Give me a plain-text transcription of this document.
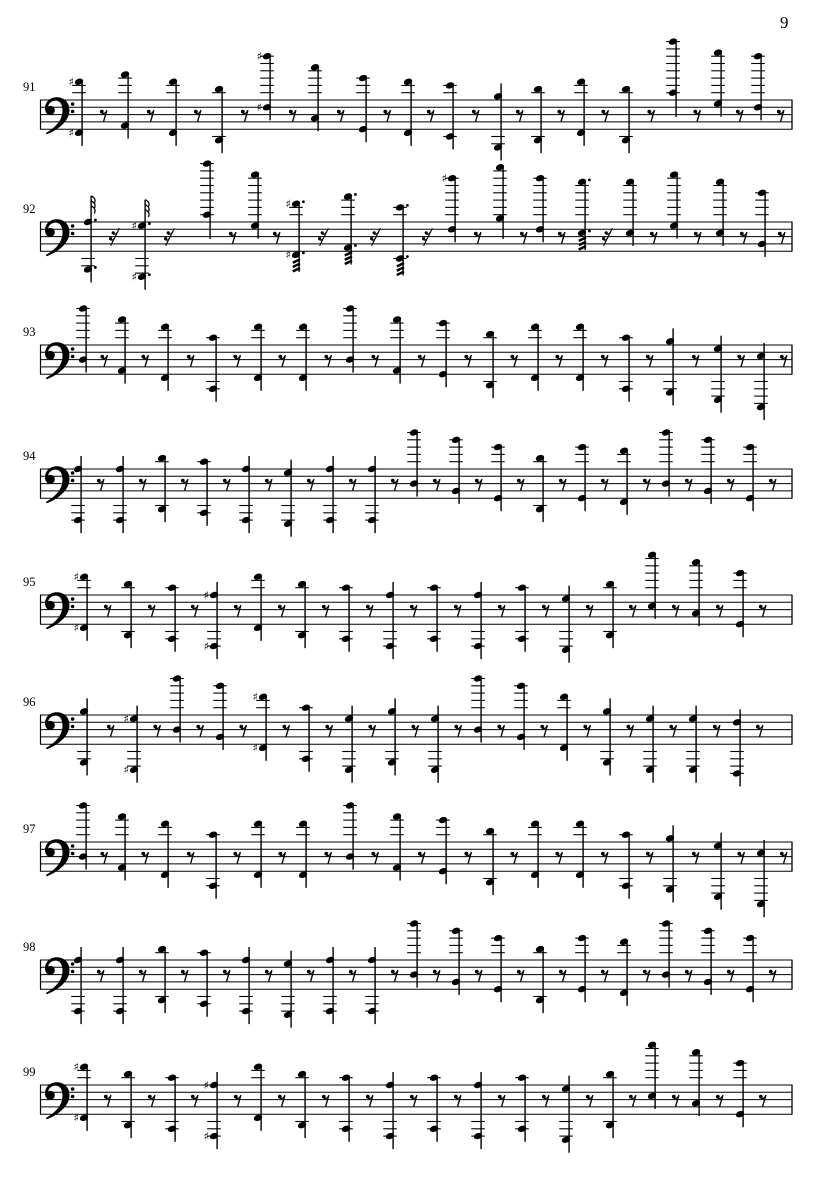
9
91	♯
♯
♯
♯
92
♯
♯
♯
♯
♯
93
94
95	♯
♯
♯
♯
96
♯
♯
♯
♯
97
98
99	♯
♯
♯
♯
